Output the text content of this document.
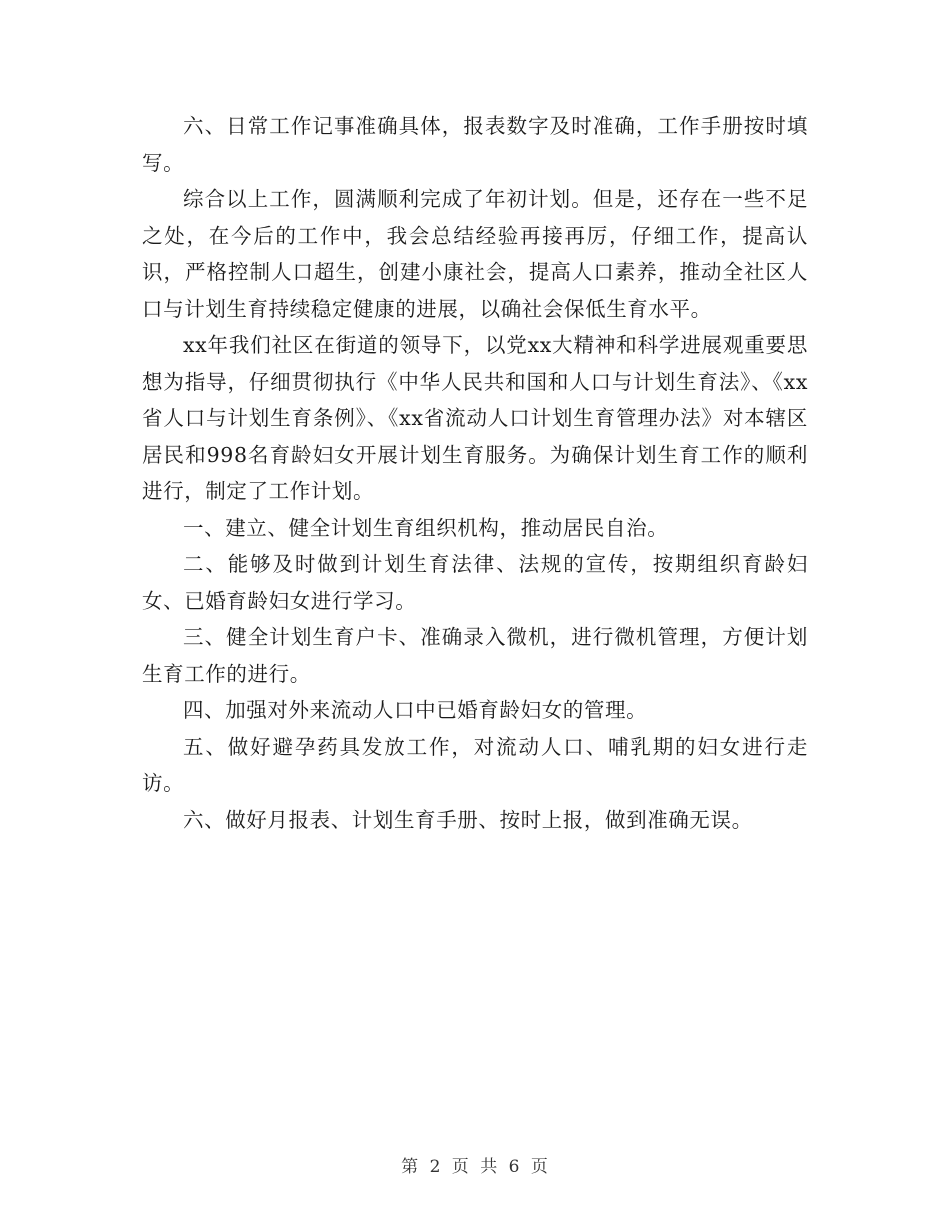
六、日常工作记事准确具体，报表数字及时准确，工作手册按时填写。

综合以上工作，圆满顺利完成了年初计划。但是，还存在一些不足之处，在今后的工作中，我会总结经验再接再厉，仔细工作，提高认识，严格控制人口超生，创建小康社会，提高人口素养，推动全社区人口与计划生育持续稳定健康的进展，以确社会保低生育水平。

xx年我们社区在街道的领导下，以党xx大精神和科学进展观重要思想为指导，仔细贯彻执行《中华人民共和国和人口与计划生育法》、《xx省人口与计划生育条例》、《xx省流动人口计划生育管理办法》对本辖区居民和998名育龄妇女开展计划生育服务。为确保计划生育工作的顺利进行，制定了工作计划。

一、建立、健全计划生育组织机构，推动居民自治。

二、能够及时做到计划生育法律、法规的宣传，按期组织育龄妇女、已婚育龄妇女进行学习。

三、健全计划生育户卡、准确录入微机，进行微机管理，方便计划生育工作的进行。

四、加强对外来流动人口中已婚育龄妇女的管理。

五、做好避孕药具发放工作，对流动人口、哺乳期的妇女进行走访。

六、做好月报表、计划生育手册、按时上报，做到准确无误。

第 2 页 共 6 页
